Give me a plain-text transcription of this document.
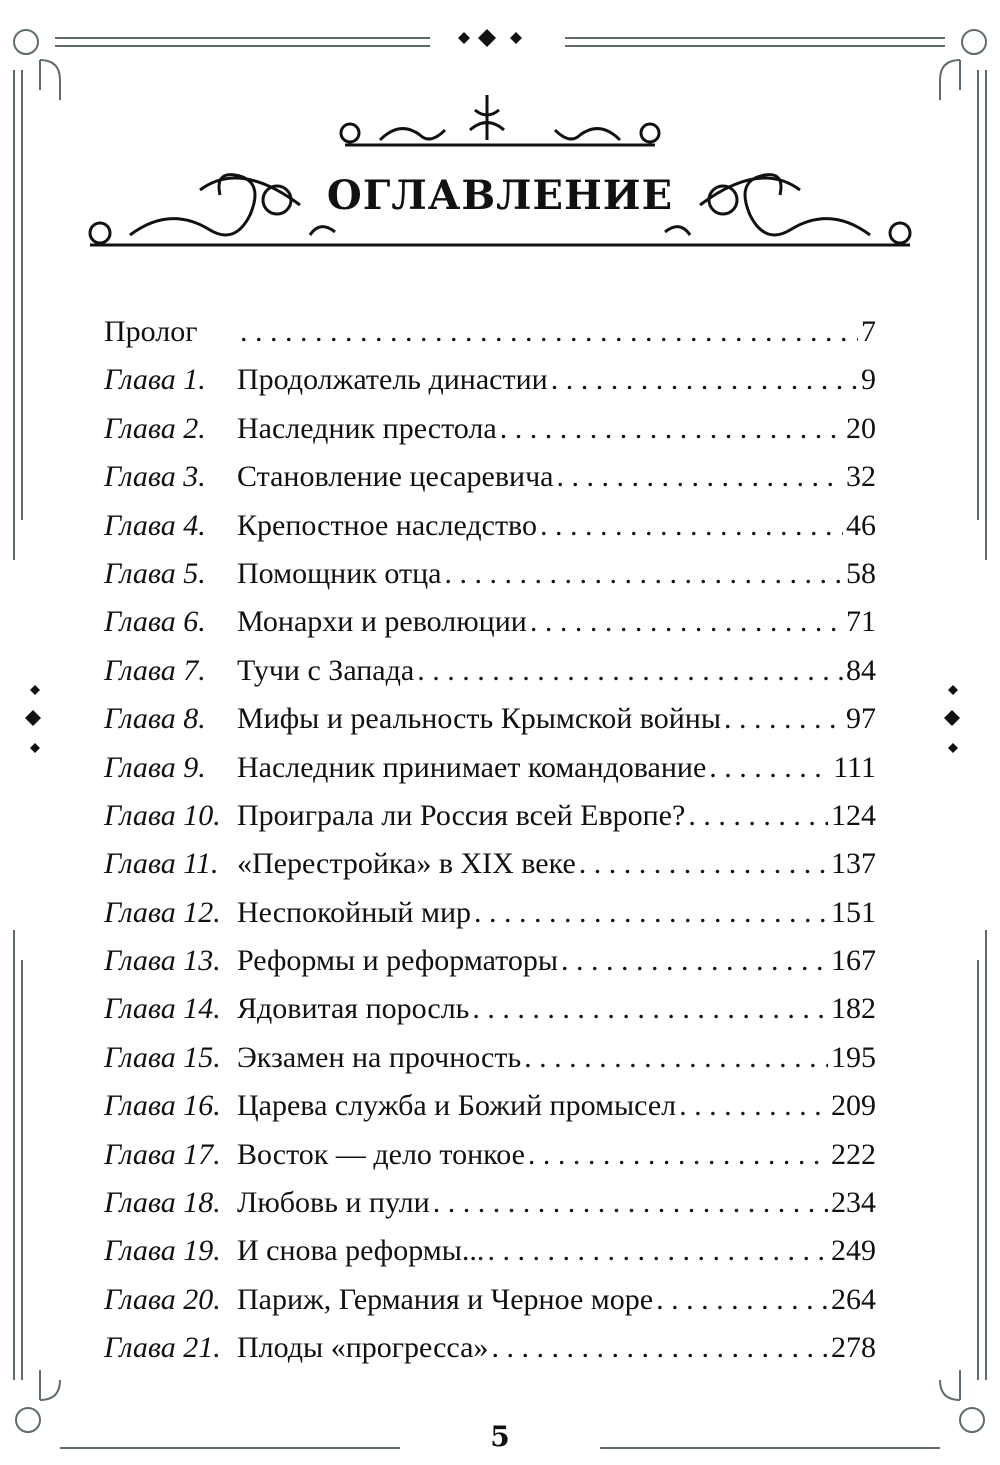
ОГЛАВЛЕНИЕ
Пролог . . .	7
Глава 1.	Продолжатель династии . . .	9
Глава 2.	Наследник престола . . .	20
Глава 3.	Становление цесаревича . . .	32
Глава 4.	Крепостное наследство . . .	46
Глава 5.	Помощник отца . . .	58
Глава 6.	Монархи и революции . . .	71
Глава 7.	Тучи с Запада . . .	84
Глава 8.	Мифы и реальность Крымской войны . . .	97
Глава 9.	Наследник принимает командование . . .	111
Глава 10. Проиграла ли Россия всей Европе? . . .	124
Глава 11. «Перестройка» в XIX веке . . .	137
Глава 12. Неспокойный мир . . .	151
Глава 13. Реформы и реформаторы . . .	167
Глава 14. Ядовитая поросль . . .	182
Глава 15. Экзамен на прочность . . .	195
Глава 16. Царева служба и Божий промысел . . .	209
Глава 17. Восток — дело тонкое . . .	222
Глава 18. Любовь и пули . . .	234
Глава 19. И снова реформы... . . .	249
Глава 20. Париж, Германия и Черное море . . .	264
Глава 21. Плоды «прогресса» . . .	278
5
